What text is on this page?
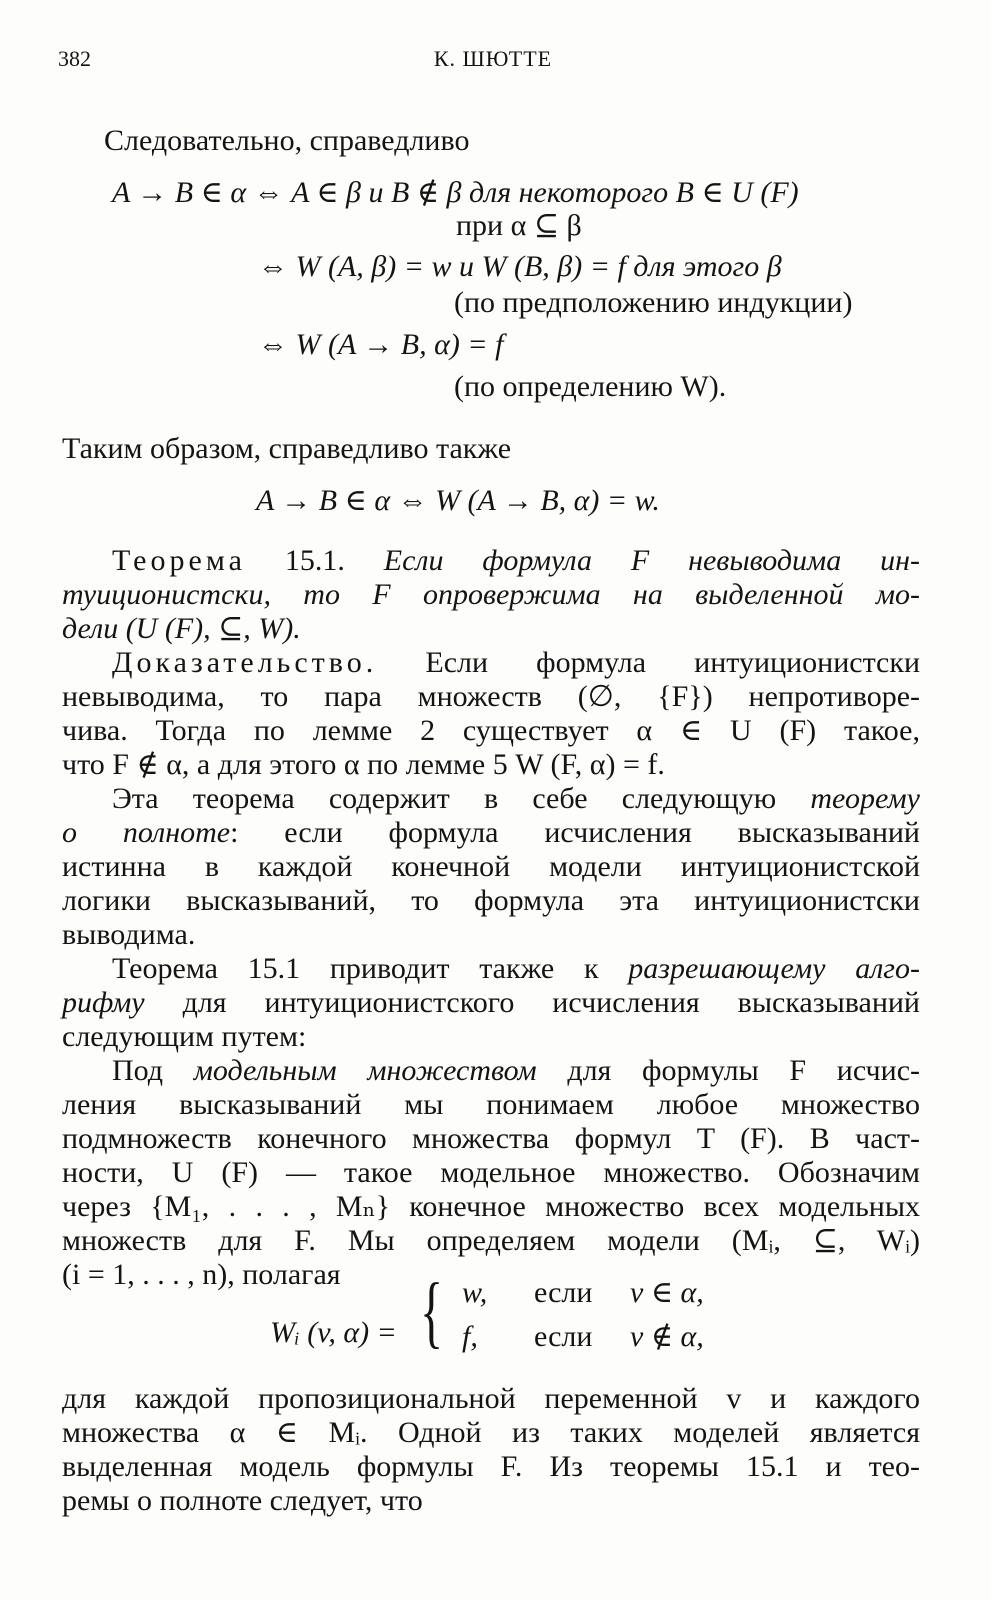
382	К. ШЮТТЕ
Следовательно, справедливо
A → B ∈ α ⇔ A ∈ β и B ∉ β для некоторого B ∈ U (F)
при α ⊆ β
⇔ W (A, β) = w и W (B, β) = f для этого β
(по предположению индукции)
⇔ W (A → B, α) = f
(по определению W).
Таким образом, справедливо также
A → B ∈ α ⇔ W (A → B, α) = w.
Теорема 15.1. Если формула F невыводима ин-
туиционистски, то F опровержима на выделенной мо-
дели (U (F), ⊆, W).
Доказательство. Если формула интуиционистски
невыводима, то пара множеств (∅, {F}) непротиворе-
чива. Тогда по лемме 2 существует α ∈ U (F) такое,
что F ∉ α, а для этого α по лемме 5 W (F, α) = f.
Эта теорема содержит в себе следующую теорему
о полноте: если формула исчисления высказываний
истинна в каждой конечной модели интуиционистской
логики высказываний, то формула эта интуиционистски
выводима.
Теорема 15.1 приводит также к разрешающему алго-
рифму для интуиционистского исчисления высказываний
следующим путем:
Под модельным множеством для формулы F исчис-
ления высказываний мы понимаем любое множество
подмножеств конечного множества формул T (F). В част-
ности, U (F) — такое модельное множество. Обозначим
через {M₁, . . . , Mₙ} конечное множество всех модельных
множеств для F. Мы определяем модели (Mᵢ, ⊆, Wᵢ)
(i = 1, . . . , n), полагая
Wᵢ (v, α) = { w,	если	v ∈ α,
f,	если	v ∉ α,
для каждой пропозициональной переменной v и каждого
множества α ∈ Mᵢ. Одной из таких моделей является
выделенная модель формулы F. Из теоремы 15.1 и тео-
ремы о полноте следует, что
